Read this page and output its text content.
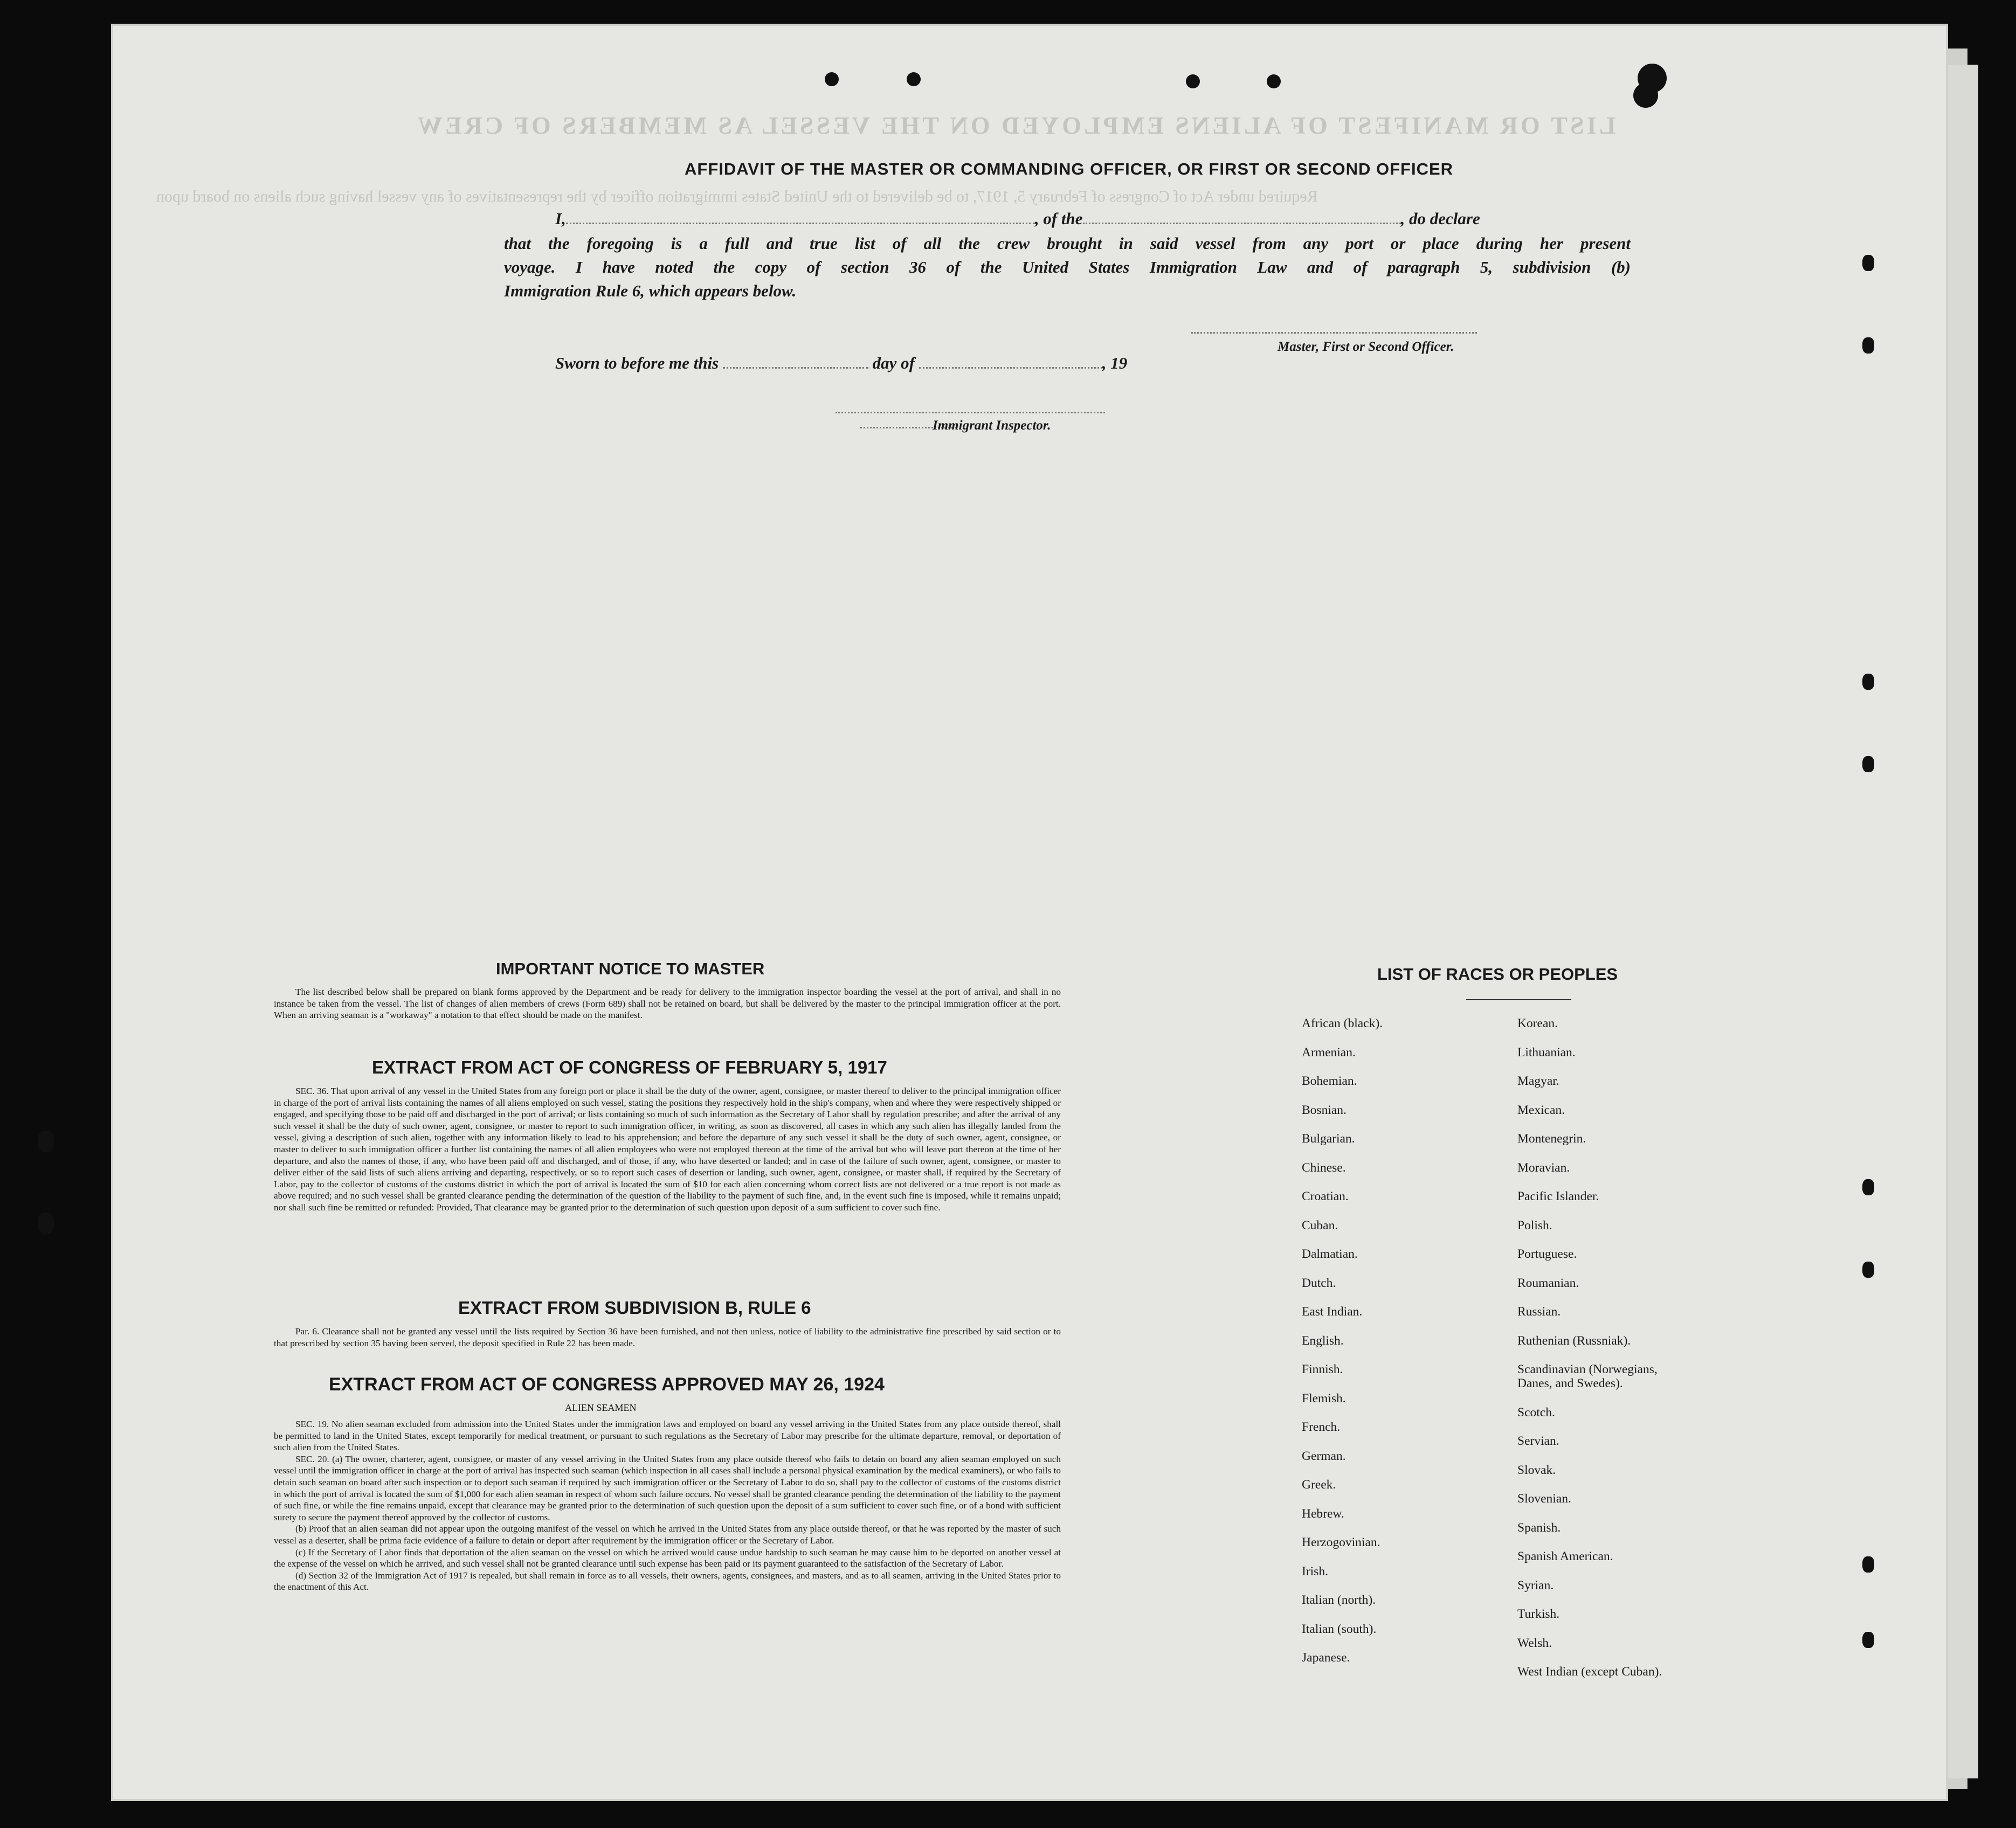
LIST OR MANIFEST OF ALIENS EMPLOYED ON THE VESSEL AS MEMBERS OF CREW
Required under Act of Congress of February 5, 1917, to be delivered to the United States immigration officer by the representatives of any vessel having such aliens on board upon
AFFIDAVIT OF THE MASTER OR COMMANDING OFFICER, OR FIRST OR SECOND OFFICER
I,	, of the	, do declare
that the foregoing is a full and true list of all the crew brought in said vessel from any port or place during her present
voyage. I have noted the copy of section 36 of the United States Immigration Law and of paragraph 5, subdivision (b)
Immigration Rule 6, which appears below.
Master, First or Second Officer.
Sworn to before me this	day of	, 19
Immigrant Inspector.
IMPORTANT NOTICE TO MASTER

The list described below shall be prepared on blank forms approved by the Department and be ready for delivery to the immigration inspector boarding the vessel at the port of arrival, and shall in no instance be taken from the vessel. The list of changes of alien members of crews (Form 689) shall not be retained on board, but shall be delivered by the master to the principal immigration officer at the port. When an arriving seaman is a "workaway" a notation to that effect should be made on the manifest.

EXTRACT FROM ACT OF CONGRESS OF FEBRUARY 5, 1917

SEC. 36. That upon arrival of any vessel in the United States from any foreign port or place it shall be the duty of the owner, agent, consignee, or master thereof to deliver to the principal immigration officer in charge of the port of arrival lists containing the names of all aliens employed on such vessel, stating the positions they respectively hold in the ship's company, when and where they were respectively shipped or engaged, and specifying those to be paid off and discharged in the port of arrival; or lists containing so much of such information as the Secretary of Labor shall by regulation prescribe; and after the arrival of any such vessel it shall be the duty of such owner, agent, consignee, or master to report to such immigration officer, in writing, as soon as discovered, all cases in which any such alien has illegally landed from the vessel, giving a description of such alien, together with any information likely to lead to his apprehension; and before the departure of any such vessel it shall be the duty of such owner, agent, consignee, or master to deliver to such immigration officer a further list containing the names of all alien employees who were not employed thereon at the time of the arrival but who will leave port thereon at the time of her departure, and also the names of those, if any, who have been paid off and discharged, and of those, if any, who have deserted or landed; and in case of the failure of such owner, agent, consignee, or master to deliver either of the said lists of such aliens arriving and departing, respectively, or so to report such cases of desertion or landing, such owner, agent, consignee, or master shall, if required by the Secretary of Labor, pay to the collector of customs of the customs district in which the port of arrival is located the sum of $10 for each alien concerning whom correct lists are not delivered or a true report is not made as above required; and no such vessel shall be granted clearance pending the determination of the question of the liability to the payment of such fine, and, in the event such fine is imposed, while it remains unpaid; nor shall such fine be remitted or refunded: Provided, That clearance may be granted prior to the determination of such question upon deposit of a sum sufficient to cover such fine.

EXTRACT FROM SUBDIVISION B, RULE 6

Par. 6. Clearance shall not be granted any vessel until the lists required by Section 36 have been furnished, and not then unless, notice of liability to the administrative fine prescribed by said section or to that prescribed by section 35 having been served, the deposit specified in Rule 22 has been made.

EXTRACT FROM ACT OF CONGRESS APPROVED MAY 26, 1924
ALIEN SEAMEN

SEC. 19. No alien seaman excluded from admission into the United States under the immigration laws and employed on board any vessel arriving in the United States from any place outside thereof, shall be permitted to land in the United States, except temporarily for medical treatment, or pursuant to such regulations as the Secretary of Labor may prescribe for the ultimate departure, removal, or deportation of such alien from the United States.

SEC. 20. (a) The owner, charterer, agent, consignee, or master of any vessel arriving in the United States from any place outside thereof who fails to detain on board any alien seaman employed on such vessel until the immigration officer in charge at the port of arrival has inspected such seaman (which inspection in all cases shall include a personal physical examination by the medical examiners), or who fails to detain such seaman on board after such inspection or to deport such seaman if required by such immigration officer or the Secretary of Labor to do so, shall pay to the collector of customs of the customs district in which the port of arrival is located the sum of $1,000 for each alien seaman in respect of whom such failure occurs. No vessel shall be granted clearance pending the determination of the liability to the payment of such fine, or while the fine remains unpaid, except that clearance may be granted prior to the determination of such question upon the deposit of a sum sufficient to cover such fine, or of a bond with sufficient surety to secure the payment thereof approved by the collector of customs.

(b) Proof that an alien seaman did not appear upon the outgoing manifest of the vessel on which he arrived in the United States from any place outside thereof, or that he was reported by the master of such vessel as a deserter, shall be prima facie evidence of a failure to detain or deport after requirement by the immigration officer or the Secretary of Labor.

(c) If the Secretary of Labor finds that deportation of the alien seaman on the vessel on which he arrived would cause undue hardship to such seaman he may cause him to be deported on another vessel at the expense of the vessel on which he arrived, and such vessel shall not be granted clearance until such expense has been paid or its payment guaranteed to the satisfaction of the Secretary of Labor.

(d) Section 32 of the Immigration Act of 1917 is repealed, but shall remain in force as to all vessels, their owners, agents, consignees, and masters, and as to all seamen, arriving in the United States prior to the enactment of this Act.

LIST OF RACES OR PEOPLES
African (black).
Armenian.
Bohemian.
Bosnian.
Bulgarian.
Chinese.
Croatian.
Cuban.
Dalmatian.
Dutch.
East Indian.
English.
Finnish.
Flemish.
French.
German.
Greek.
Hebrew.
Herzogovinian.
Irish.
Italian (north).
Italian (south).
Japanese.
Korean.
Lithuanian.
Magyar.
Mexican.
Montenegrin.
Moravian.
Pacific Islander.
Polish.
Portuguese.
Roumanian.
Russian.
Ruthenian (Russniak).
Scandinavian (Norwegians,
Danes, and Swedes).
Scotch.
Servian.
Slovak.
Slovenian.
Spanish.
Spanish American.
Syrian.
Turkish.
Welsh.
West Indian (except Cuban).
